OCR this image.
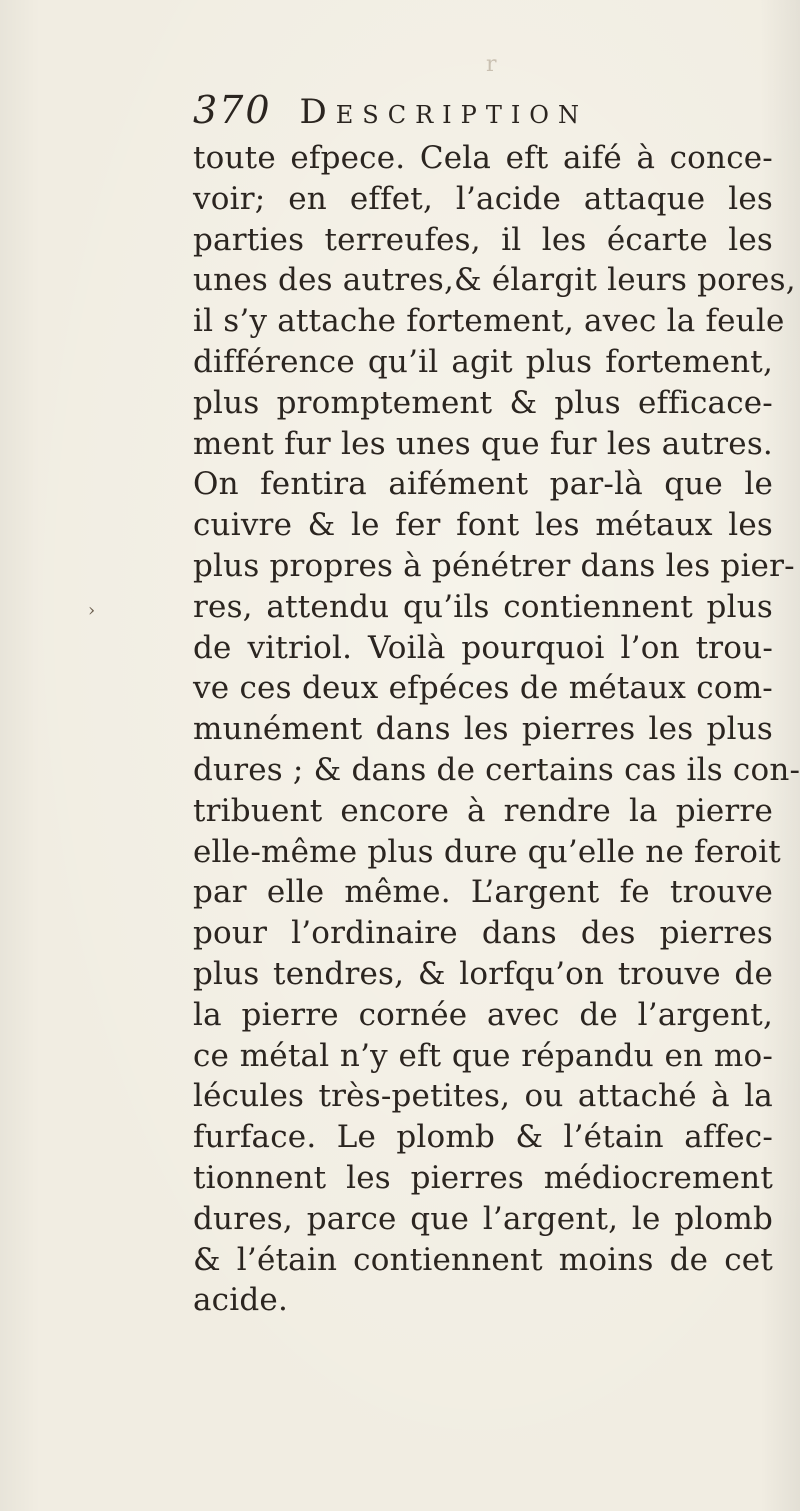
r
370 Description
›
toute efpece. Cela eft aifé à conce-
voir; en effet, l’acide attaque les
parties terreufes, il les écarte les
unes des autres,& élargit leurs pores,
il s’y attache fortement, avec la feule
différence qu’il agit plus fortement,
plus promptement & plus efficace-
ment fur les unes que fur les autres.
On fentira aifément par-là que le
cuivre & le fer font les métaux les
plus propres à pénétrer dans les pier-
res, attendu qu’ils contiennent plus
de vitriol. Voilà pourquoi l’on trou-
ve ces deux efpéces de métaux com-
munément dans les pierres les plus
dures ; & dans de certains cas ils con-
tribuent encore à rendre la pierre
elle-même plus dure qu’elle ne feroit
par elle même. L’argent fe trouve
pour l’ordinaire dans des pierres
plus tendres, & lorfqu’on trouve de
la pierre cornée avec de l’argent,
ce métal n’y eft que répandu en mo-
lécules très-petites, ou attaché à la
furface. Le plomb & l’étain affec-
tionnent les pierres médiocrement
dures, parce que l’argent, le plomb
& l’étain contiennent moins de cet
acide.
